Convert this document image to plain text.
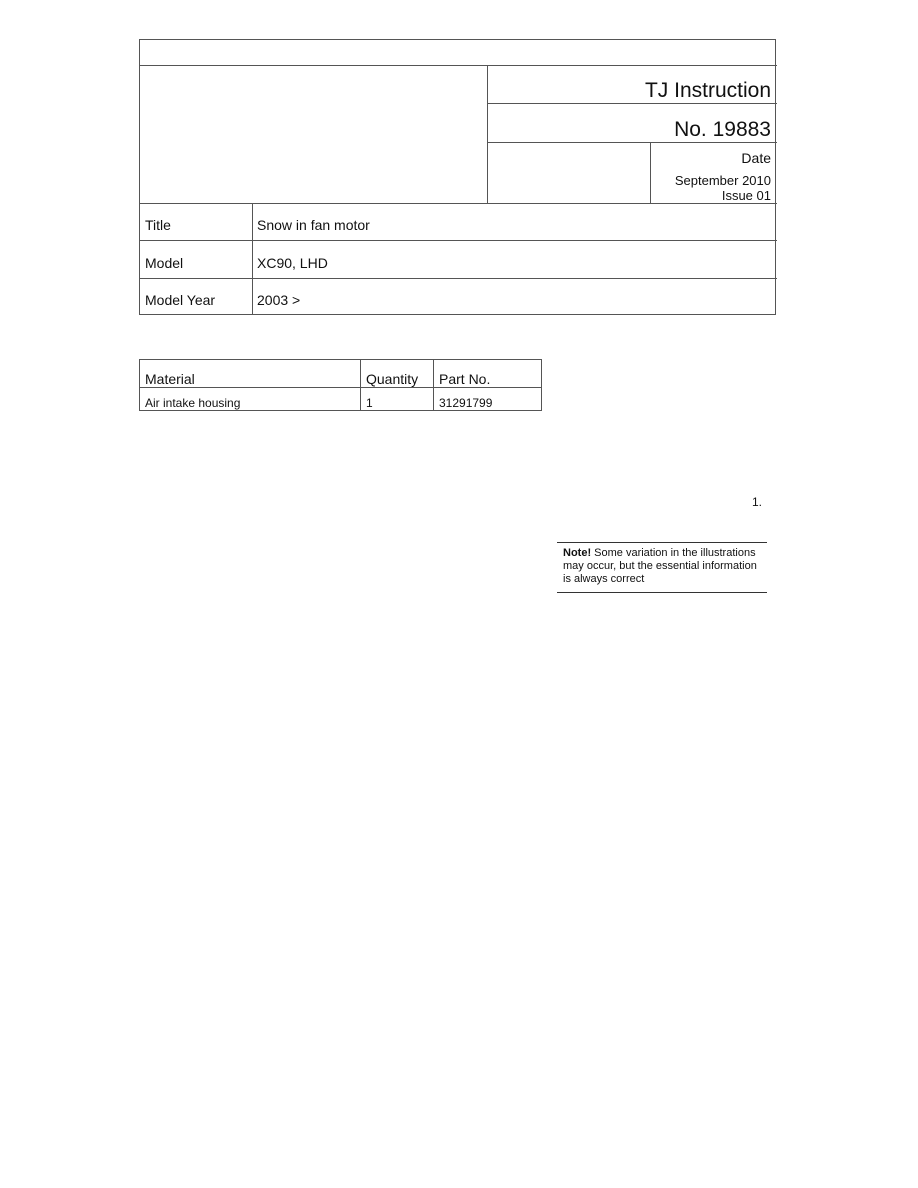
TJ Instruction
No. 19883
Date
September 2010
Issue 01
Title	Snow in fan motor
Model	XC90, LHD
Model Year	2003 >
Material	Quantity	Part No.
Air intake housing	1	31291799
1.
Note! Some variation in the illustrations may occur, but the essential information is always correct
